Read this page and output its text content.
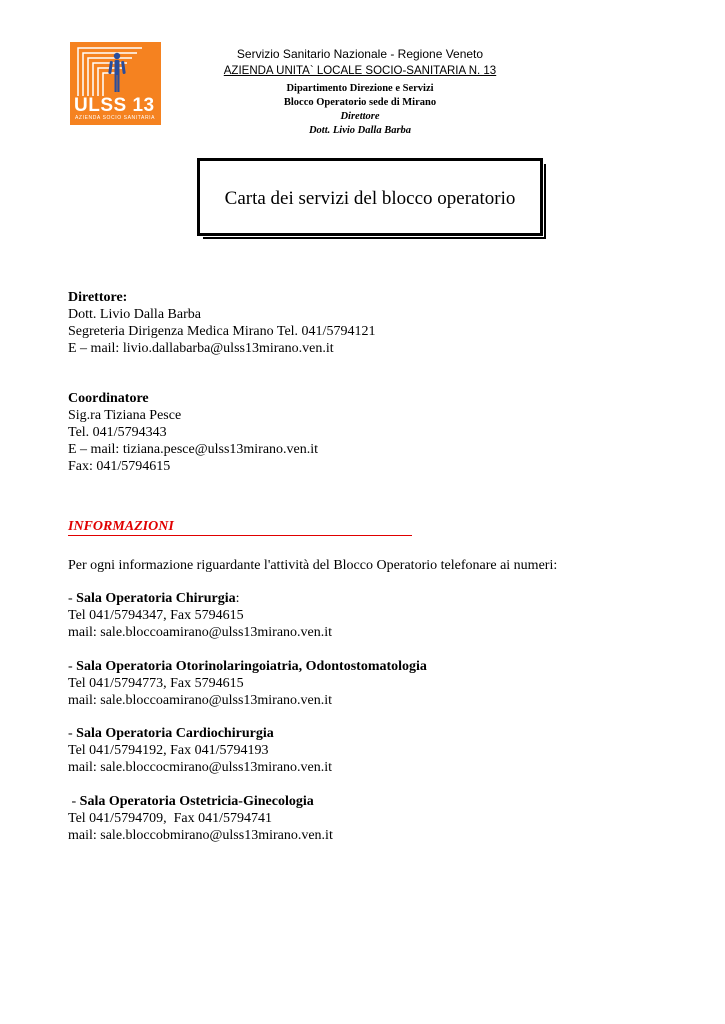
ULSS 13
AZIENDA SOCIO SANITARIA
Servizio Sanitario Nazionale - Regione Veneto
AZIENDA UNITA` LOCALE SOCIO-SANITARIA N. 13
Dipartimento Direzione e Servizi
Blocco Operatorio sede di Mirano
Direttore
Dott. Livio Dalla Barba
Carta dei servizi del blocco operatorio
Direttore:
Dott. Livio Dalla Barba
Segreteria Dirigenza Medica Mirano Tel. 041/5794121
E – mail: livio.dallabarba@ulss13mirano.ven.it
Coordinatore
Sig.ra Tiziana Pesce
Tel. 041/5794343
E – mail: tiziana.pesce@ulss13mirano.ven.it
Fax: 041/5794615
INFORMAZIONI
Per ogni informazione riguardante l'attività del Blocco Operatorio telefonare ai numeri:
- Sala Operatoria Chirurgia:
Tel 041/5794347, Fax 5794615
mail: sale.bloccoamirano@ulss13mirano.ven.it
- Sala Operatoria Otorinolaringoiatria, Odontostomatologia
Tel 041/5794773, Fax 5794615
mail: sale.bloccoamirano@ulss13mirano.ven.it
- Sala Operatoria Cardiochirurgia
Tel 041/5794192, Fax 041/5794193
mail: sale.bloccocmirano@ulss13mirano.ven.it
- Sala Operatoria Ostetricia-Ginecologia
Tel 041/5794709,  Fax 041/5794741
mail: sale.bloccobmirano@ulss13mirano.ven.it
